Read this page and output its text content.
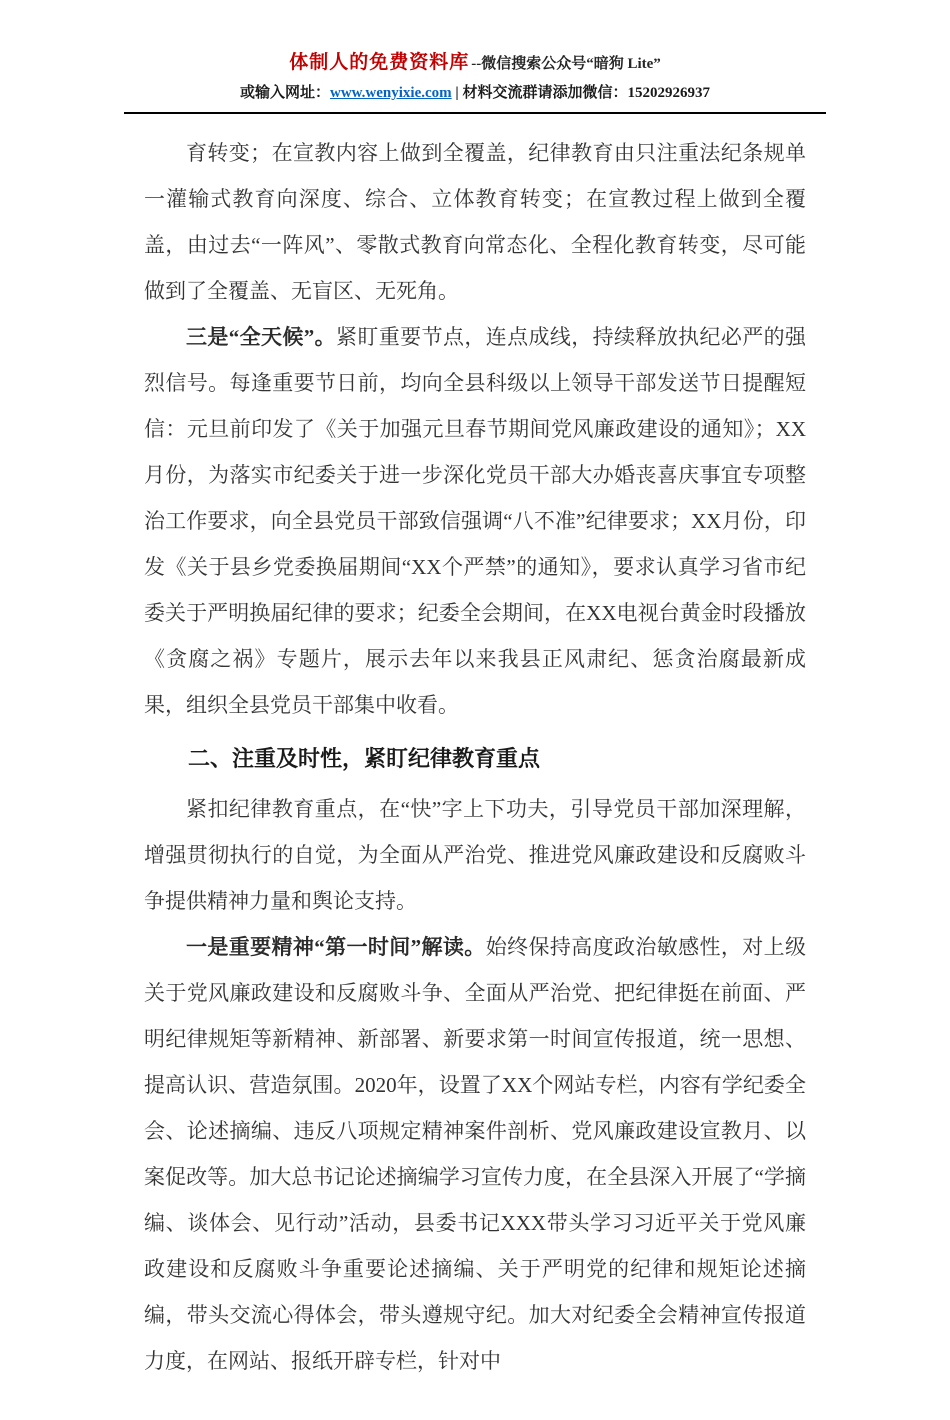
体制人的免费资料库 --微信搜索公众号“暗狗 Lite”
或输入网址：www.wenyixie.com | 材料交流群请添加微信：15202926937

育转变；在宣教内容上做到全覆盖，纪律教育由只注重法纪条规单一灌输式教育向深度、综合、立体教育转变；在宣教过程上做到全覆盖，由过去“一阵风”、零散式教育向常态化、全程化教育转变，尽可能做到了全覆盖、无盲区、无死角。

三是“全天候”。紧盯重要节点，连点成线，持续释放执纪必严的强烈信号。每逢重要节日前，均向全县科级以上领导干部发送节日提醒短信：元旦前印发了《关于加强元旦春节期间党风廉政建设的通知》；XX月份，为落实市纪委关于进一步深化党员干部大办婚丧喜庆事宜专项整治工作要求，向全县党员干部致信强调“八不准”纪律要求；XX月份，印发《关于县乡党委换届期间“XX个严禁”的通知》，要求认真学习省市纪委关于严明换届纪律的要求；纪委全会期间，在XX电视台黄金时段播放《贪腐之祸》专题片，展示去年以来我县正风肃纪、惩贪治腐最新成果，组织全县党员干部集中收看。

二、注重及时性，紧盯纪律教育重点

紧扣纪律教育重点，在“快”字上下功夫，引导党员干部加深理解，增强贯彻执行的自觉，为全面从严治党、推进党风廉政建设和反腐败斗争提供精神力量和舆论支持。

一是重要精神“第一时间”解读。始终保持高度政治敏感性，对上级关于党风廉政建设和反腐败斗争、全面从严治党、把纪律挺在前面、严明纪律规矩等新精神、新部署、新要求第一时间宣传报道，统一思想、提高认识、营造氛围。2020年，设置了XX个网站专栏，内容有学纪委全会、论述摘编、违反八项规定精神案件剖析、党风廉政建设宣教月、以案促改等。加大总书记论述摘编学习宣传力度，在全县深入开展了“学摘编、谈体会、见行动”活动，县委书记XXX带头学习习近平关于党风廉政建设和反腐败斗争重要论述摘编、关于严明党的纪律和规矩论述摘编，带头交流心得体会，带头遵规守纪。加大对纪委全会精神宣传报道力度，在网站、报纸开辟专栏，针对中
